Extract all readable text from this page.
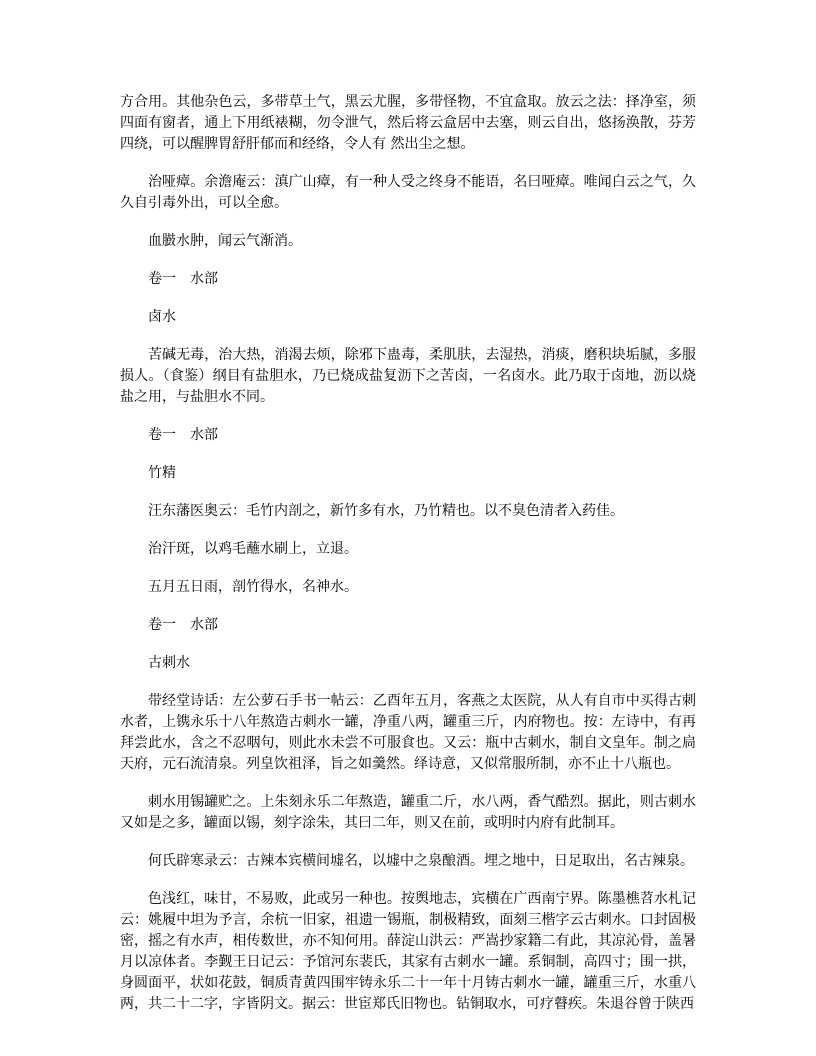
方合用。其他杂色云，多带草土气，黑云尤腥，多带怪物，不宜盒取。放云之法：择净室，须四面有窗者，通上下用纸裱糊，勿令泄气，然后将云盒居中去塞，则云自出，悠扬涣散，芬芳四绕，可以醒脾胃舒肝郁而和经络，令人有 然出尘之想。

治哑瘴。余澹庵云：滇广山瘴，有一种人受之终身不能语，名曰哑瘴。唯闻白云之气，久久自引毒外出，可以全愈。

血臌水肿，闻云气渐消。

卷一　水部

卤水

苦碱无毒，治大热，消渴去烦，除邪下蛊毒，柔肌肤，去湿热，消痰，磨积块垢腻，多服损人。（食鉴）纲目有盐胆水，乃已烧成盐复沥下之苦卤，一名卤水。此乃取于卤地，沥以烧盐之用，与盐胆水不同。

卷一　水部

竹精

汪东藩医奥云：毛竹内剖之，新竹多有水，乃竹精也。以不臭色清者入药佳。

治汗斑，以鸡毛蘸水刷上，立退。

五月五日雨，剖竹得水，名神水。

卷一　水部

古刺水

带经堂诗话：左公萝石手书一帖云：乙酉年五月，客燕之太医院，从人有自市中买得古刺水者，上镌永乐十八年熬造古刺水一罐，净重八两，罐重三斤，内府物也。按：左诗中，有再拜尝此水，含之不忍咽句，则此水未尝不可服食也。又云：瓶中古刺水，制自文皇年。制之扃天府，元石流清泉。列皇饮祖泽，旨之如羹然。绎诗意，又似常服所制，亦不止十八瓶也。

刺水用锡罐贮之。上朱刻永乐二年熬造，罐重二斤，水八两，香气酷烈。据此，则古刺水又如是之多，罐面以锡，刻字涂朱，其曰二年，则又在前，或明时内府有此制耳。

何氏辟寒录云：古辣本宾横间墟名，以墟中之泉酿酒。埋之地中，日足取出，名古辣泉。

色浅红，味甘，不易败，此或另一种也。按舆地志，宾横在广西南宁界。陈墨樵苕水札记云：姚履中坦为予言，余杭一旧家，祖遗一锡瓶，制极精致，面刻三楷字云古刺水。口封固极密，摇之有水声，相传数世，亦不知何用。薛淀山洪云：严嵩抄家籍二有此，其凉沁骨，盖暑月以凉体者。李觐王日记云：予馆河东裴氏，其家有古刺水一罐。系铜制，高四寸；围一拱，身圆面平，状如花鼓，铜质青黄四围牢铸永乐二十一年十月铸古刺水一罐，罐重三斤，水重八两，共二十二字，字皆阴文。据云：世宦郑氏旧物也。钻铜取水，可疗瞽疾。朱退谷曾于陕西
